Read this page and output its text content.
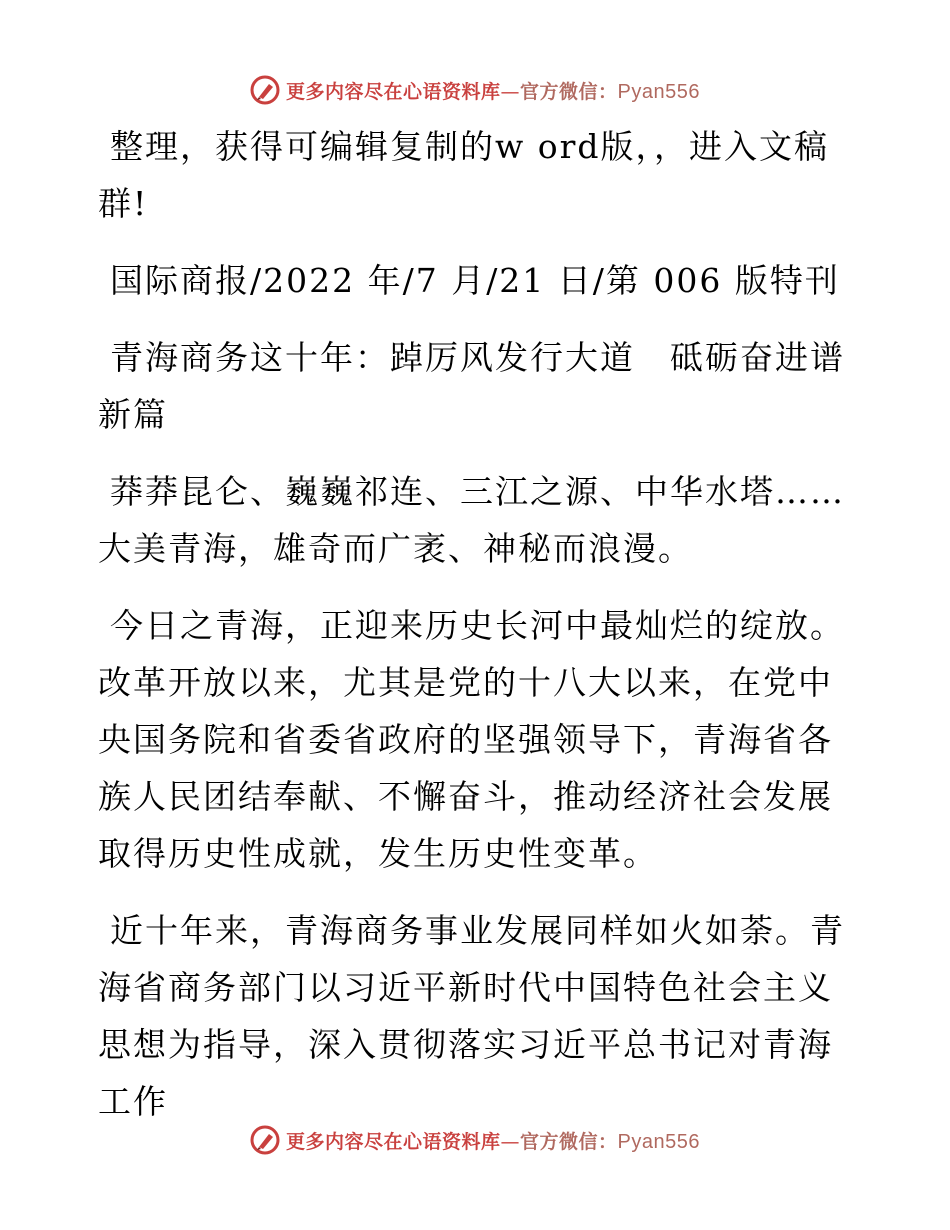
更多内容尽在心语资料库—官方微信：Pyan556

整理，获得可编辑复制的w ord版，，进入文稿群!

国际商报/2022 年/7 月/21 日/第 006 版特刊

青海商务这十年：踔厉风发行大道　砥砺奋进谱新篇

莽莽昆仑、巍巍祁连、三江之源、中华水塔……大美青海，雄奇而广袤、神秘而浪漫。

今日之青海，正迎来历史长河中最灿烂的绽放。改革开放以来，尤其是党的十八大以来，在党中央国务院和省委省政府的坚强领导下，青海省各族人民团结奉献、不懈奋斗，推动经济社会发展取得历史性成就，发生历史性变革。

近十年来，青海商务事业发展同样如火如荼。青海省商务部门以习近平新时代中国特色社会主义思想为指导，深入贯彻落实习近平总书记对青海工作

更多内容尽在心语资料库—官方微信：Pyan556
